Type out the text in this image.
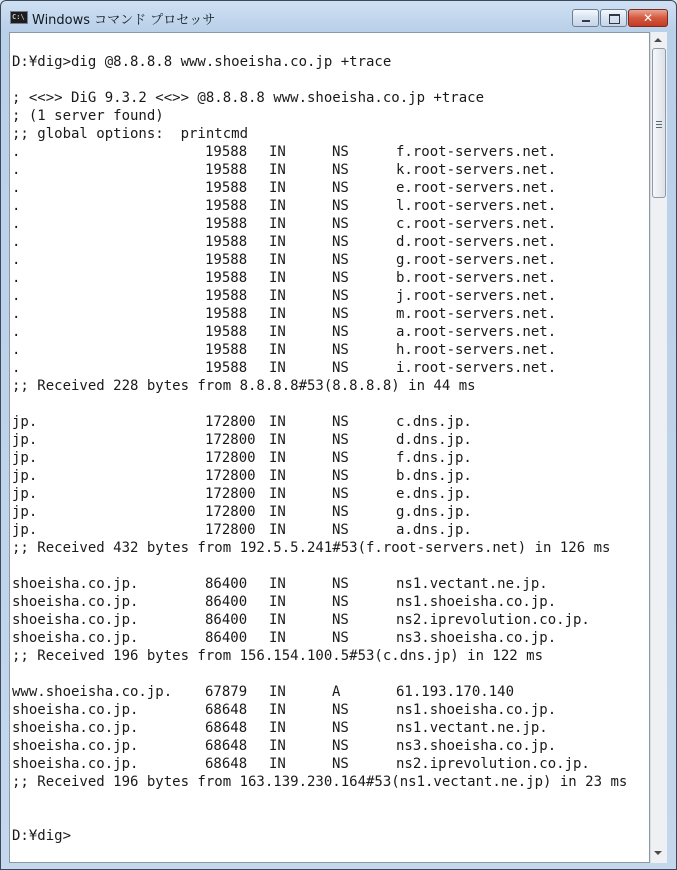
C:\ Windows コマンド プロセッサ	✕
D:¥dig>dig @8.8.8.8 www.shoeisha.co.jp +trace
; <<>> DiG 9.3.2 <<>> @8.8.8.8 www.shoeisha.co.jp +trace
; (1 server found)
;; global options:  printcmd
.	19588 IN	NS	f.root-servers.net.
.	19588 IN	NS	k.root-servers.net.
.	19588 IN	NS	e.root-servers.net.
.	19588 IN	NS	l.root-servers.net.
.	19588 IN	NS	c.root-servers.net.
.	19588 IN	NS	d.root-servers.net.
.	19588 IN	NS	g.root-servers.net.
.	19588 IN	NS	b.root-servers.net.
.	19588 IN	NS	j.root-servers.net.
.	19588 IN	NS	m.root-servers.net.
.	19588 IN	NS	a.root-servers.net.
.	19588 IN	NS	h.root-servers.net.
.	19588 IN	NS	i.root-servers.net.
;; Received 228 bytes from 8.8.8.8#53(8.8.8.8) in 44 ms
jp.	172800 IN	NS	c.dns.jp.
jp.	172800 IN	NS	d.dns.jp.
jp.	172800 IN	NS	f.dns.jp.
jp.	172800 IN	NS	b.dns.jp.
jp.	172800 IN	NS	e.dns.jp.
jp.	172800 IN	NS	g.dns.jp.
jp.	172800 IN	NS	a.dns.jp.
;; Received 432 bytes from 192.5.5.241#53(f.root-servers.net) in 126 ms
shoeisha.co.jp.	86400 IN	NS	ns1.vectant.ne.jp.
shoeisha.co.jp.	86400 IN	NS	ns1.shoeisha.co.jp.
shoeisha.co.jp.	86400 IN	NS	ns2.iprevolution.co.jp.
shoeisha.co.jp.	86400 IN	NS	ns3.shoeisha.co.jp.
;; Received 196 bytes from 156.154.100.5#53(c.dns.jp) in 122 ms
www.shoeisha.co.jp. 67879 IN	A	61.193.170.140
shoeisha.co.jp.	68648 IN	NS	ns1.shoeisha.co.jp.
shoeisha.co.jp.	68648 IN	NS	ns1.vectant.ne.jp.
shoeisha.co.jp.	68648 IN	NS	ns3.shoeisha.co.jp.
shoeisha.co.jp.	68648 IN	NS	ns2.iprevolution.co.jp.
;; Received 196 bytes from 163.139.230.164#53(ns1.vectant.ne.jp) in 23 ms
D:¥dig>
